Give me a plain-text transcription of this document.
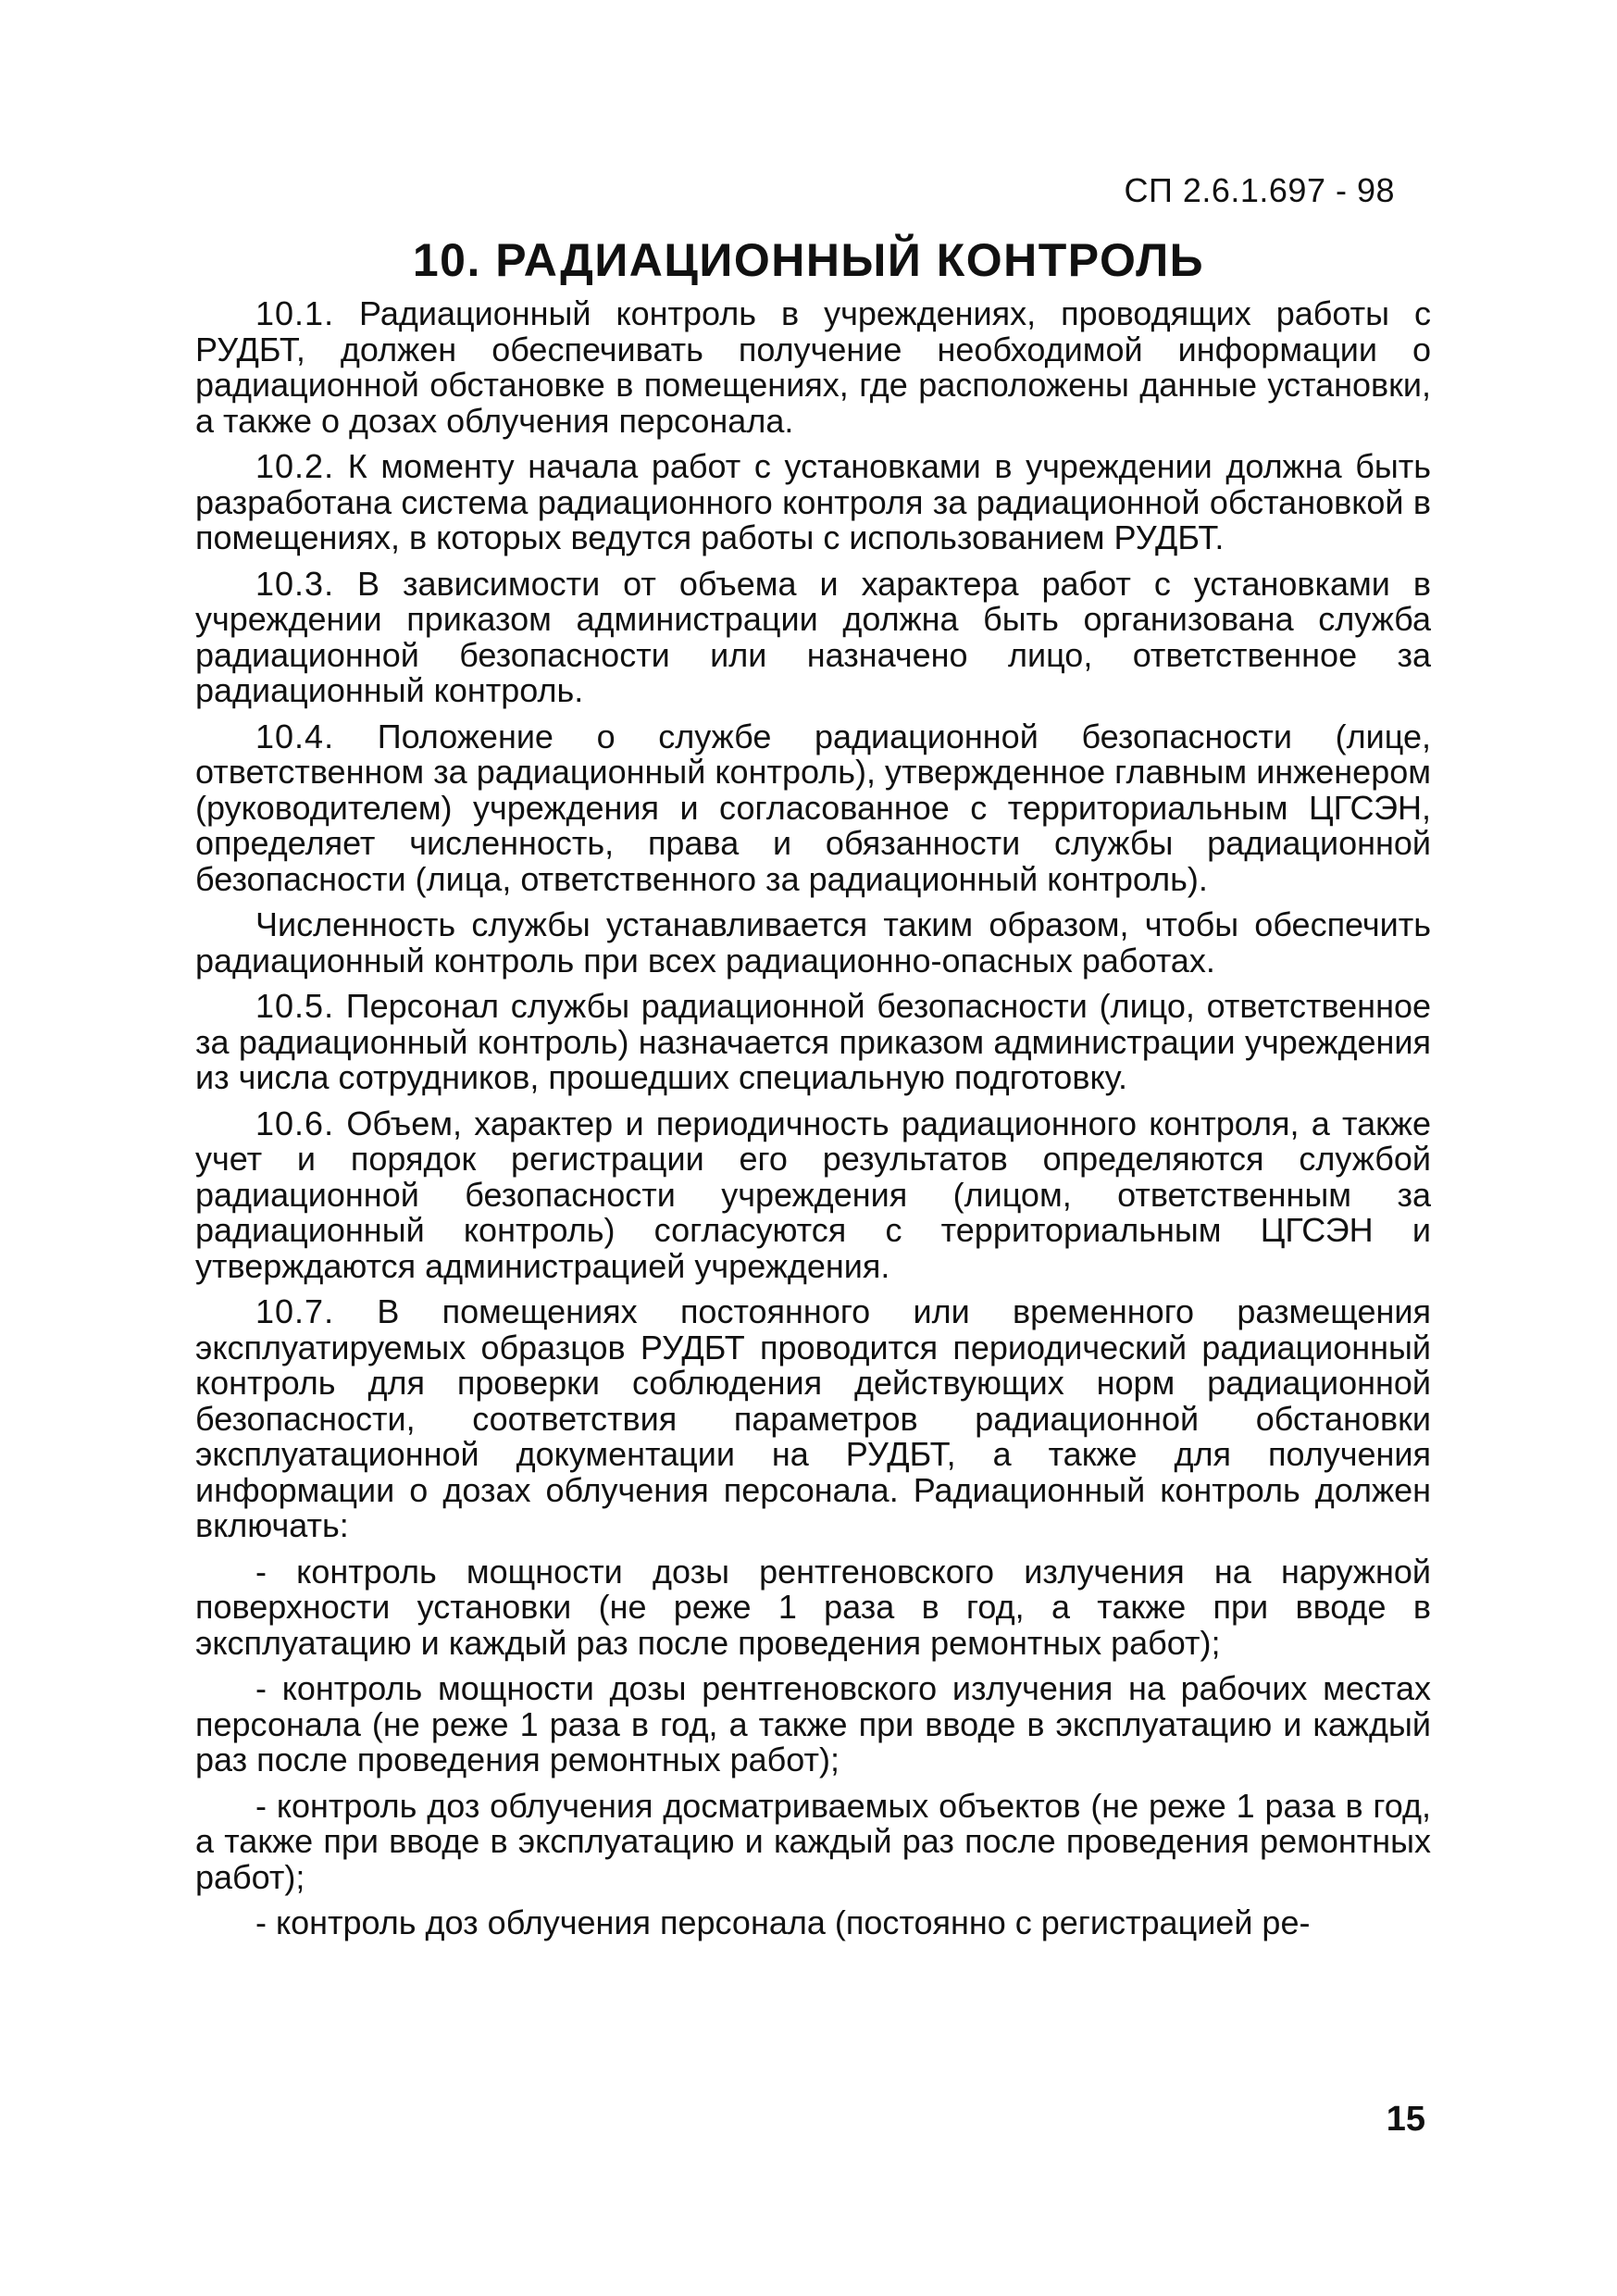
СП 2.6.1.697 - 98
10. РАДИАЦИОННЫЙ КОНТРОЛЬ

10.1. Радиационный контроль в учреждениях, проводящих работы с РУДБТ, должен обеспечивать получение необходимой информации о радиационной обстановке в помещениях, где расположены данные установки, а также о дозах облучения персонала.

10.2. К моменту начала работ с установками в учреждении должна быть разработана система радиационного контроля за радиационной обстановкой в помещениях, в которых ведутся работы с использованием РУДБТ.

10.3. В зависимости от объема и характера работ с установками в учреждении приказом администрации должна быть организована служба радиационной безопасности или назначено лицо, ответственное за радиационный контроль.

10.4. Положение о службе радиационной безопасности (лице, ответственном за радиационный контроль), утвержденное главным инженером (руководителем) учреждения и согласованное с территориальным ЦГСЭН, определяет численность, права и обязанности службы радиационной безопасности (лица, ответственного за радиационный контроль).

Численность службы устанавливается таким образом, чтобы обеспечить радиационный контроль при всех радиационно-опасных работах.

10.5. Персонал службы радиационной безопасности (лицо, ответственное за радиационный контроль) назначается приказом администрации учреждения из числа сотрудников, прошедших специальную подготовку.

10.6. Объем, характер и периодичность радиационного контроля, а также учет и порядок регистрации его результатов определяются службой радиационной безопасности учреждения (лицом, ответственным за радиационный контроль) согласуются с территориальным ЦГСЭН и утверждаются администрацией учреждения.

10.7. В помещениях постоянного или временного размещения эксплуатируемых образцов РУДБТ проводится периодический радиационный контроль для проверки соблюдения действующих норм радиационной безопасности, соответствия параметров радиационной обстановки эксплуатационной документации на РУДБТ, а также для получения информации о дозах облучения персонала. Радиационный контроль должен включать:

- контроль мощности дозы рентгеновского излучения на наружной поверхности установки (не реже 1 раза в год, а также при вводе в эксплуатацию и каждый раз после проведения ремонтных работ);

- контроль мощности дозы рентгеновского излучения на рабочих местах персонала (не реже 1 раза в год, а также при вводе в эксплуатацию и каждый раз после проведения ремонтных работ);

- контроль доз облучения досматриваемых объектов (не реже 1 раза в год, а также при вводе в эксплуатацию и каждый раз после проведения ремонтных работ);

- контроль доз облучения персонала (постоянно с регистрацией ре-

15
